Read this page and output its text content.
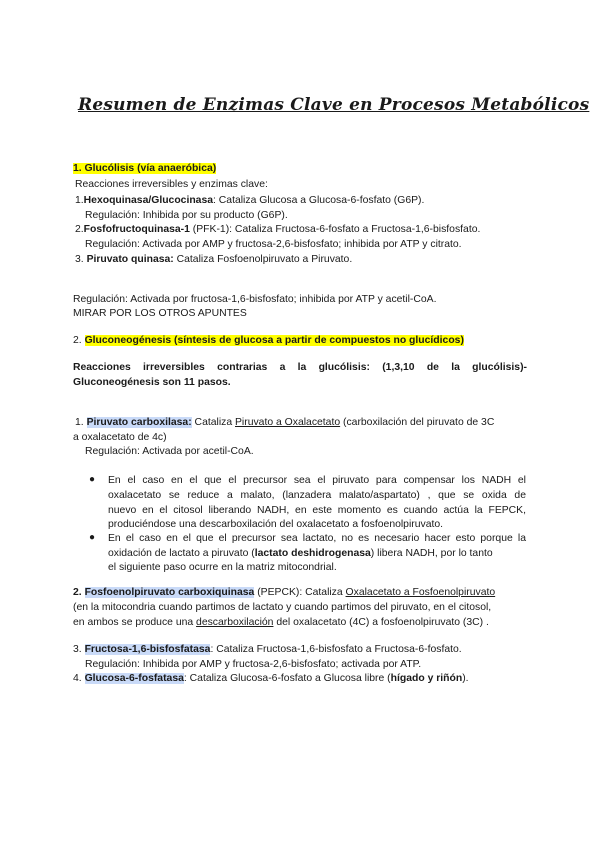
Resumen de Enzimas Clave en Procesos Metabólicos
1. Glucólisis (vía anaeróbica)
Reacciones irreversibles y enzimas clave:
1.Hexoquinasa/Glucocinasa: Cataliza Glucosa a Glucosa-6-fosfato (G6P).
Regulación: Inhibida por su producto (G6P).
2.Fosfofructoquinasa-1 (PFK-1): Cataliza Fructosa-6-fosfato a Fructosa-1,6-bisfosfato.
Regulación: Activada por AMP y fructosa-2,6-bisfosfato; inhibida por ATP y citrato.
3. Piruvato quinasa: Cataliza Fosfoenolpiruvato a Piruvato.
Regulación: Activada por fructosa-1,6-bisfosfato; inhibida por ATP y acetil-CoA.
MIRAR POR LOS OTROS APUNTES
2. Gluconeogénesis (síntesis de glucosa a partir de compuestos no glucídicos)
Reacciones irreversibles contrarias a la glucólisis: (1,3,10 de la glucólisis)-
Gluconeogénesis son 11 pasos.
1. Piruvato carboxilasa: Cataliza Piruvato a Oxalacetato (carboxilación del piruvato de 3C
a oxalacetato de 4c)
Regulación: Activada por acetil-CoA.
● En el caso en el que el precursor sea el piruvato para compensar los NADH el
oxalacetato se reduce a malato, (lanzadera malato/aspartato) , que se oxida de
nuevo en el citosol liberando NADH, en este momento es cuando actúa la FEPCK,
produciéndose una descarboxilación del oxalacetato a fosfoenolpiruvato.
● En el caso en el que el precursor sea lactato, no es necesario hacer esto porque la
oxidación de lactato a piruvato (lactato deshidrogenasa) libera NADH, por lo tanto
el siguiente paso ocurre en la matriz mitocondrial.
2. Fosfoenolpiruvato carboxiquinasa (PEPCK): Cataliza Oxalacetato a Fosfoenolpiruvato
(en la mitocondria cuando partimos de lactato y cuando partimos del piruvato, en el citosol,
en ambos se produce una descarboxilación del oxalacetato (4C) a fosfoenolpiruvato (3C) .
3. Fructosa-1,6-bisfosfatasa: Cataliza Fructosa-1,6-bisfosfato a Fructosa-6-fosfato.
Regulación: Inhibida por AMP y fructosa-2,6-bisfosfato; activada por ATP.
4. Glucosa-6-fosfatasa: Cataliza Glucosa-6-fosfato a Glucosa libre (hígado y riñón).
